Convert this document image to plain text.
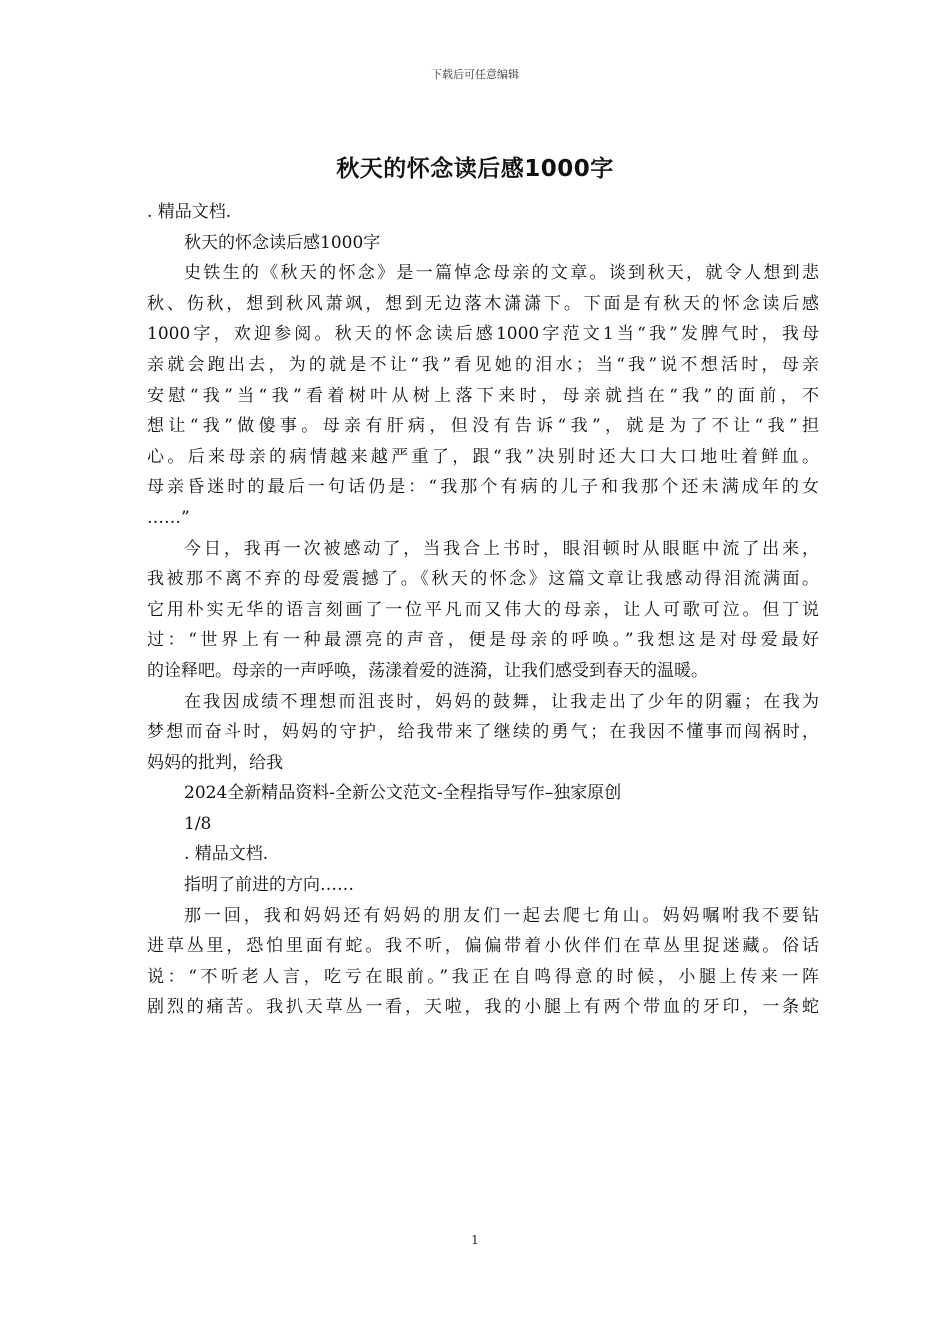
下载后可任意编辑
秋天的怀念读后感1000字

. 精品文档.

秋天的怀念读后感1000字

史铁生的《秋天的怀念》是一篇悼念母亲的文章。谈到秋天，就令人想到悲

秋、伤秋，想到秋风萧飒，想到无边落木潇潇下。下面是有秋天的怀念读后感

1000字，欢迎参阅。秋天的怀念读后感1000字范文1当“我”发脾气时，我母

亲就会跑出去，为的就是不让“我”看见她的泪水；当“我”说不想活时，母亲

安慰“我”当“我”看着树叶从树上落下来时，母亲就挡在“我”的面前，不

想让“我”做傻事。母亲有肝病，但没有告诉“我”，就是为了不让“我”担

心。后来母亲的病情越来越严重了，跟“我”决别时还大口大口地吐着鲜血。

母亲昏迷时的最后一句话仍是：“我那个有病的儿子和我那个还未满成年的女

……”

今日，我再一次被感动了，当我合上书时，眼泪顿时从眼眶中流了出来，

我被那不离不弃的母爱震撼了。《秋天的怀念》这篇文章让我感动得泪流满面。

它用朴实无华的语言刻画了一位平凡而又伟大的母亲，让人可歌可泣。但丁说

过：“世界上有一种最漂亮的声音，便是母亲的呼唤。”我想这是对母爱最好

的诠释吧。母亲的一声呼唤，荡漾着爱的涟漪，让我们感受到春天的温暖。

在我因成绩不理想而沮丧时，妈妈的鼓舞，让我走出了少年的阴霾；在我为

梦想而奋斗时，妈妈的守护，给我带来了继续的勇气；在我因不懂事而闯祸时，

妈妈的批判，给我

2024全新精品资料-全新公文范文-全程指导写作–独家原创

1/8

. 精品文档.

指明了前进的方向……

那一回，我和妈妈还有妈妈的朋友们一起去爬七角山。妈妈嘱咐我不要钻

进草丛里，恐怕里面有蛇。我不听，偏偏带着小伙伴们在草丛里捉迷藏。俗话

说：“不听老人言，吃亏在眼前。”我正在自鸣得意的时候，小腿上传来一阵

剧烈的痛苦。我扒天草丛一看，天啦，我的小腿上有两个带血的牙印，一条蛇

1
